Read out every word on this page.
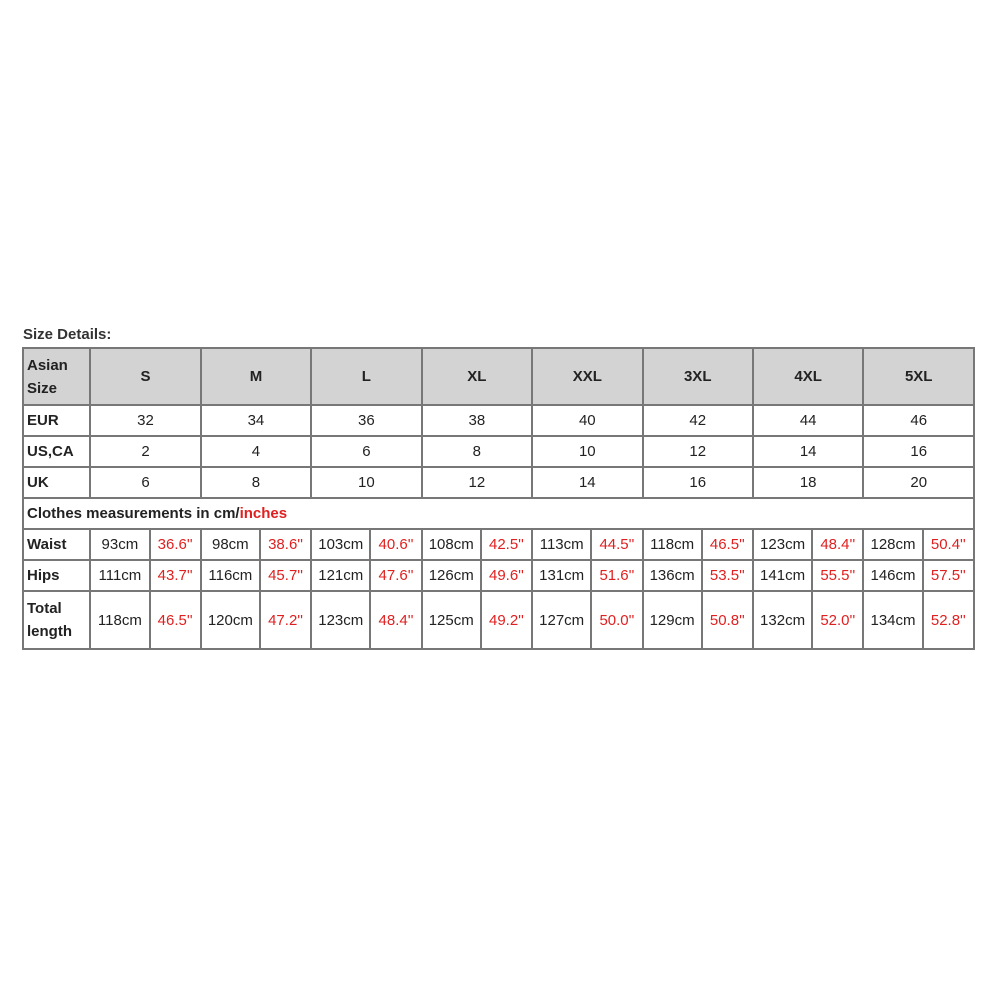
Size Details:
Asian Size	S		M		L		XL		XXL		3XL		4XL		5XL	
EUR	32		34		36		38		40		42		44		46	
US,CA	2		4		6		8		10		12		14		16	
UK	6		8		10		12		14		16		18		20	
Clothes measurements in cm/inches																
Waist	93cm	36.6''	98cm	38.6''	103cm	40.6''	108cm	42.5''	113cm	44.5''	118cm	46.5''	123cm	48.4''	128cm	50.4''
Hips	111cm	43.7''	116cm	45.7''	121cm	47.6''	126cm	49.6''	131cm	51.6''	136cm	53.5''	141cm	55.5''	146cm	57.5''
Total length	118cm	46.5''	120cm	47.2''	123cm	48.4''	125cm	49.2''	127cm	50.0''	129cm	50.8''	132cm	52.0''	134cm	52.8''
